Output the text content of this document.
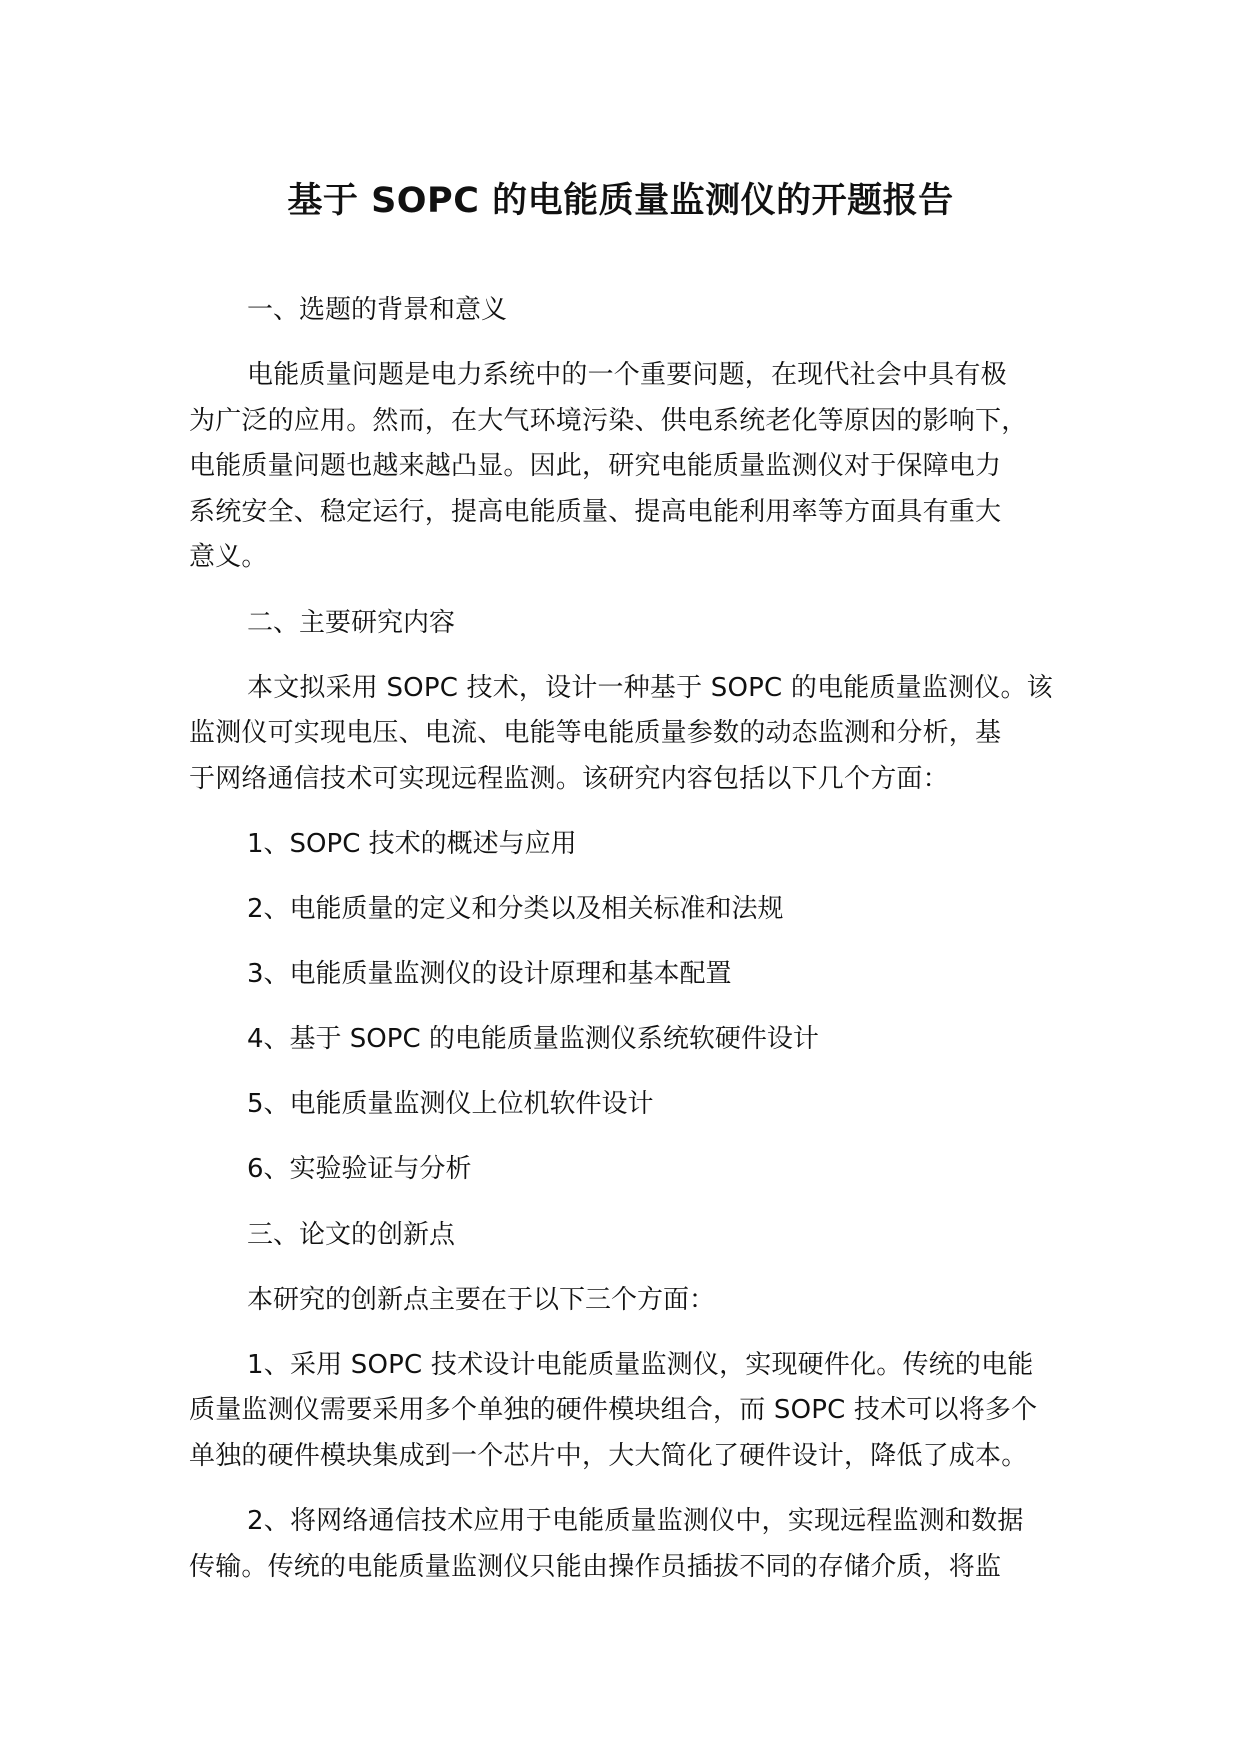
基于 SOPC 的电能质量监测仪的开题报告
一、选题的背景和意义
电能质量问题是电力系统中的一个重要问题，在现代社会中具有极
为广泛的应用。然而，在大气环境污染、供电系统老化等原因的影响下，
电能质量问题也越来越凸显。因此，研究电能质量监测仪对于保障电力
系统安全、稳定运行，提高电能质量、提高电能利用率等方面具有重大
意义。
二、主要研究内容
本文拟采用 SOPC 技术，设计一种基于 SOPC 的电能质量监测仪。该
监测仪可实现电压、电流、电能等电能质量参数的动态监测和分析，基
于网络通信技术可实现远程监测。该研究内容包括以下几个方面：
1、SOPC 技术的概述与应用
2、电能质量的定义和分类以及相关标准和法规
3、电能质量监测仪的设计原理和基本配置
4、基于 SOPC 的电能质量监测仪系统软硬件设计
5、电能质量监测仪上位机软件设计
6、实验验证与分析
三、论文的创新点
本研究的创新点主要在于以下三个方面：
1、采用 SOPC 技术设计电能质量监测仪，实现硬件化。传统的电能
质量监测仪需要采用多个单独的硬件模块组合，而 SOPC 技术可以将多个
单独的硬件模块集成到一个芯片中，大大简化了硬件设计，降低了成本。
2、将网络通信技术应用于电能质量监测仪中，实现远程监测和数据
传输。传统的电能质量监测仪只能由操作员插拔不同的存储介质，将监
